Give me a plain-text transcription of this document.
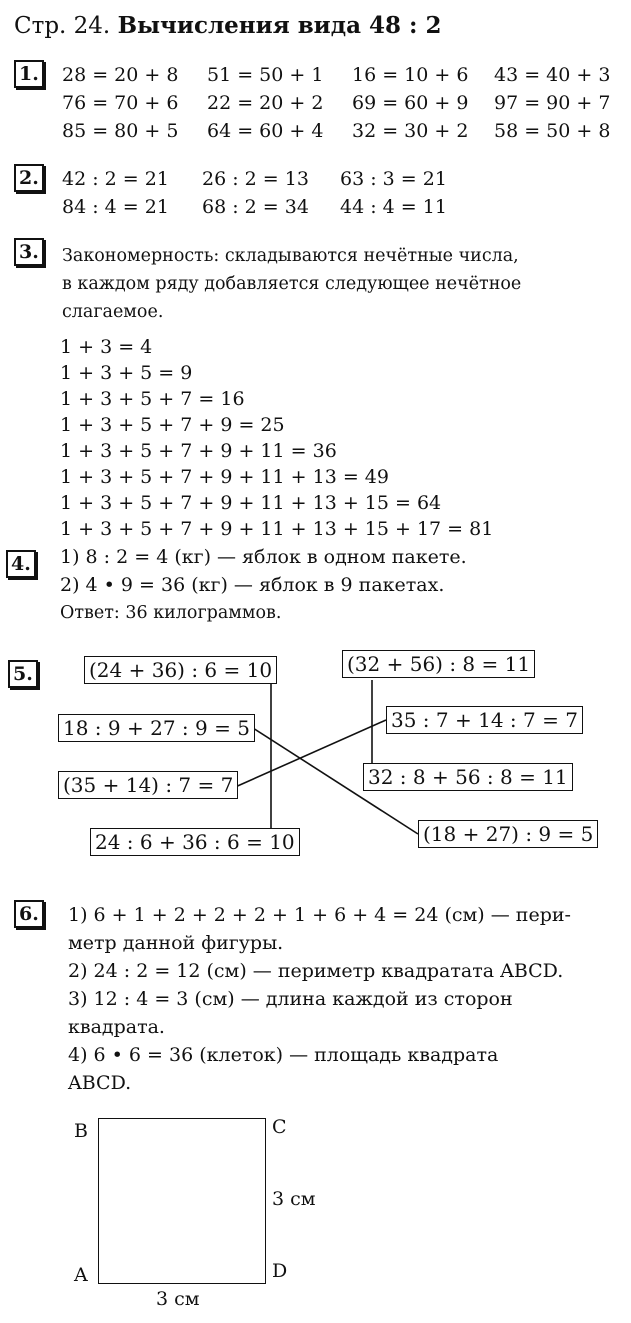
Стр. 24. Вычисления вида 48 : 2
1. 28 = 20 + 8 51 = 50 + 1 16 = 10 + 6 43 = 40 + 3
76 = 70 + 6 22 = 20 + 2 69 = 60 + 9 97 = 90 + 7
85 = 80 + 5 64 = 60 + 4 32 = 30 + 2 58 = 50 + 8
2. 42 : 2 = 21 26 : 2 = 13 63 : 3 = 21
84 : 4 = 21 68 : 2 = 34 44 : 4 = 11
3. Закономерность: складываются нечётные числа,
в каждом ряду добавляется следующее нечётное
слагаемое.
1 + 3 = 4
1 + 3 + 5 = 9
1 + 3 + 5 + 7 = 16
1 + 3 + 5 + 7 + 9 = 25
1 + 3 + 5 + 7 + 9 + 11 = 36
1 + 3 + 5 + 7 + 9 + 11 + 13 = 49
1 + 3 + 5 + 7 + 9 + 11 + 13 + 15 = 64
1 + 3 + 5 + 7 + 9 + 11 + 13 + 15 + 17 = 81
4. 1) 8 : 2 = 4 (кг) — яблок в одном пакете.
2) 4 • 9 = 36 (кг) — яблок в 9 пакетах.
Ответ: 36 килограммов.
5.	(24 + 36) : 6 = 10
18 : 9 + 27 : 9 = 5
(35 + 14) : 7 = 7
24 : 6 + 36 : 6 = 10
(32 + 56) : 8 = 11
35 : 7 + 14 : 7 = 7
32 : 8 + 56 : 8 = 11
(18 + 27) : 9 = 5
6. 1) 6 + 1 + 2 + 2 + 2 + 1 + 6 + 4 = 24 (см) — пери-
метр данной фигуры.
2) 24 : 2 = 12 (см) — периметр квадратата ABCD.
3) 12 : 4 = 3 (см) — длина каждой из сторон
квадрата.
4) 6 • 6 = 36 (клеток) — площадь квадрата
ABCD.
B	C
A	D
3 см
3 см
